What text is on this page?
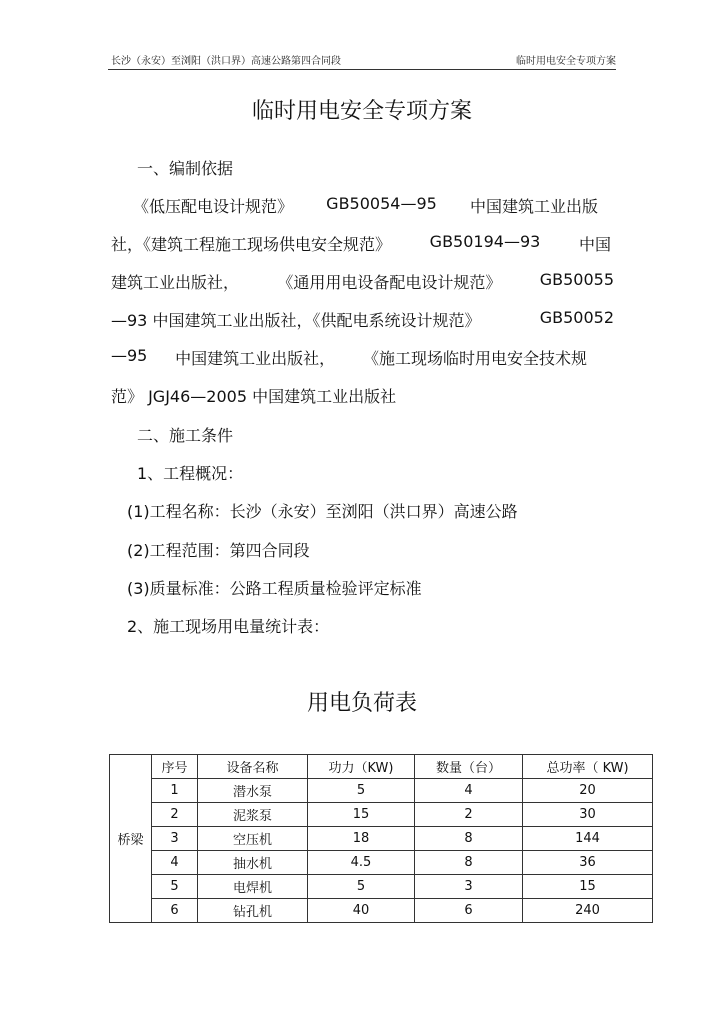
长沙（永安）至浏阳（洪口界）高速公路第四合同段	临时用电安全专项方案
临时用电安全专项方案
一、编制依据
《低压配电设计规范》 GB50054—95 中国建筑工业出版
社，《建筑工程施工现场供电安全规范》 GB50194—93 中国
建筑工业出版社， 《通用用电设备配电设计规范》 GB50055
—93 中国建筑工业出版社，《供配电系统设计规范》	GB50052
—95 中国建筑工业出版社， 《施工现场临时用电安全技术规
范》 JGJ46—2005 中国建筑工业出版社
二、施工条件
1、工程概况：
(1)工程名称：长沙（永安）至浏阳（洪口界）高速公路
(2)工程范围：第四合同段
(3)质量标准：公路工程质量检验评定标准
2、施工现场用电量统计表：
用电负荷表
桥梁	序号	设备名称	功力（KW)	数量（台）	总功率（ KW)
	1	潜水泵	5	4	20
	2	泥浆泵	15	2	30
	3	空压机	18	8	144
	4	抽水机	4.5	8	36
	5	电焊机	5	3	15
	6	钻孔机	40	6	240
